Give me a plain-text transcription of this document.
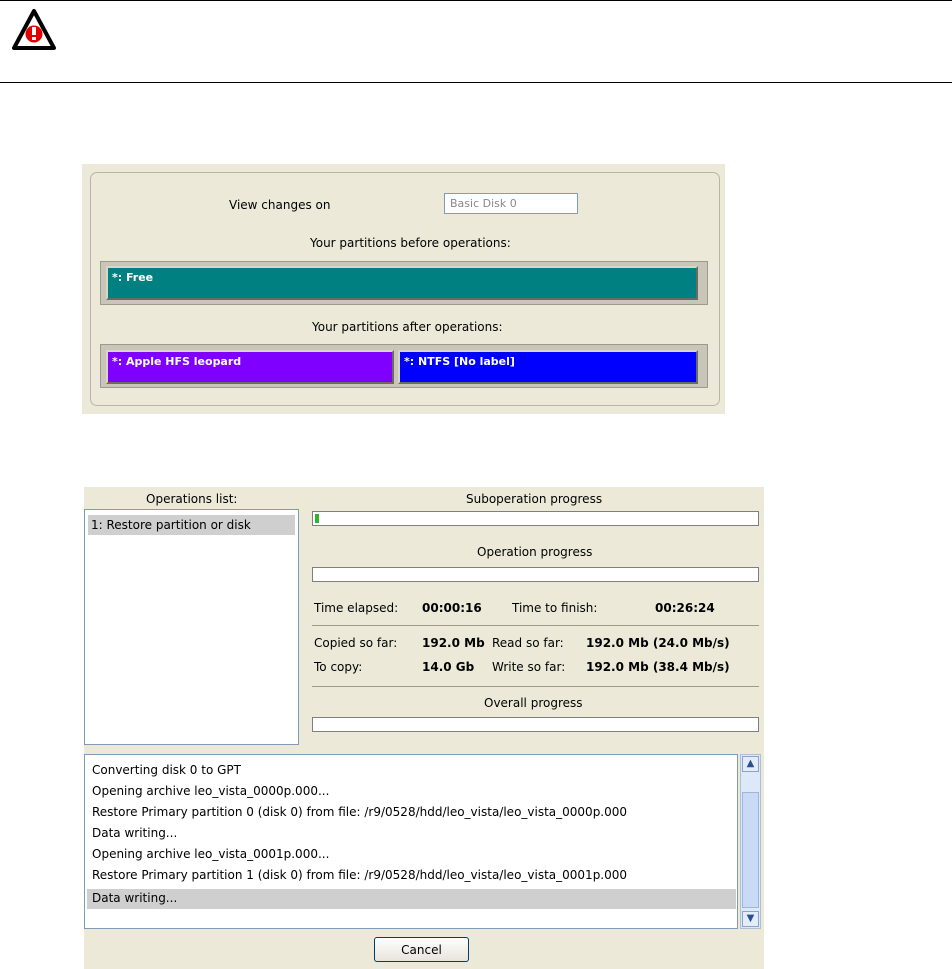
View changes on	Basic Disk 0
Your partitions before operations:
*: Free
Your partitions after operations:
*: Apple HFS leopard	*: NTFS [No label]
Operations list:
1: Restore partition or disk
Suboperation progress
Operation progress
Time elapsed: 00:00:16	Time to finish:	00:26:24
Copied so far: 192.0 Mb Read so far: 192.0 Mb (24.0 Mb/s)
To copy:	14.0 Gb Write so far: 192.0 Mb (38.4 Mb/s)
Overall progress
Converting disk 0 to GPT
Opening archive leo_vista_0000p.000...
Restore Primary partition 0 (disk 0) from file: /r9/0528/hdd/leo_vista/leo_vista_0000p.000
Data writing...
Opening archive leo_vista_0001p.000...
Restore Primary partition 1 (disk 0) from file: /r9/0528/hdd/leo_vista/leo_vista_0001p.000
Data writing...
▲
▼
Cancel
